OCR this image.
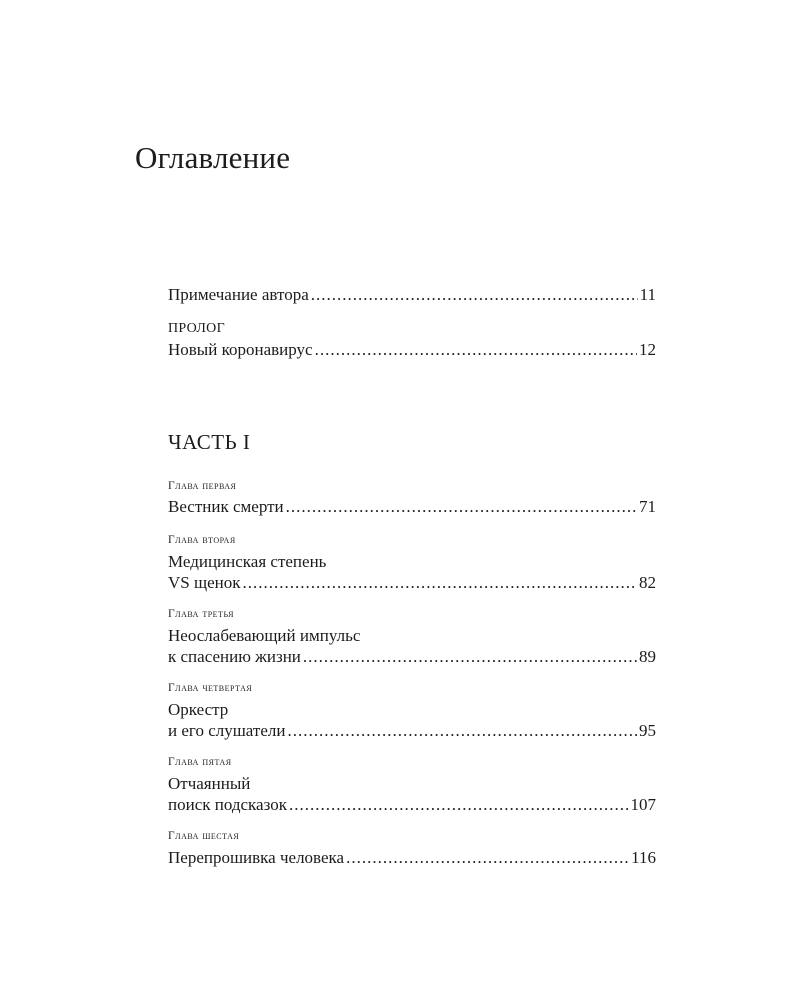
Оглавление
Примечание автора .....	11
ПРОЛОГ
Новый коронавирус .....	12
ЧАСТЬ I
Глава первая
Вестник смерти .....	71
Глава вторая
Медицинская степень
VS щенок .....	82
Глава третья
Неослабевающий импульс
к спасению жизни .....	89
Глава четвертая
Оркестр
и его слушатели .....	95
Глава пятая
Отчаянный
поиск подсказок .....	107
Глава шестая
Перепрошивка человека .....	116
